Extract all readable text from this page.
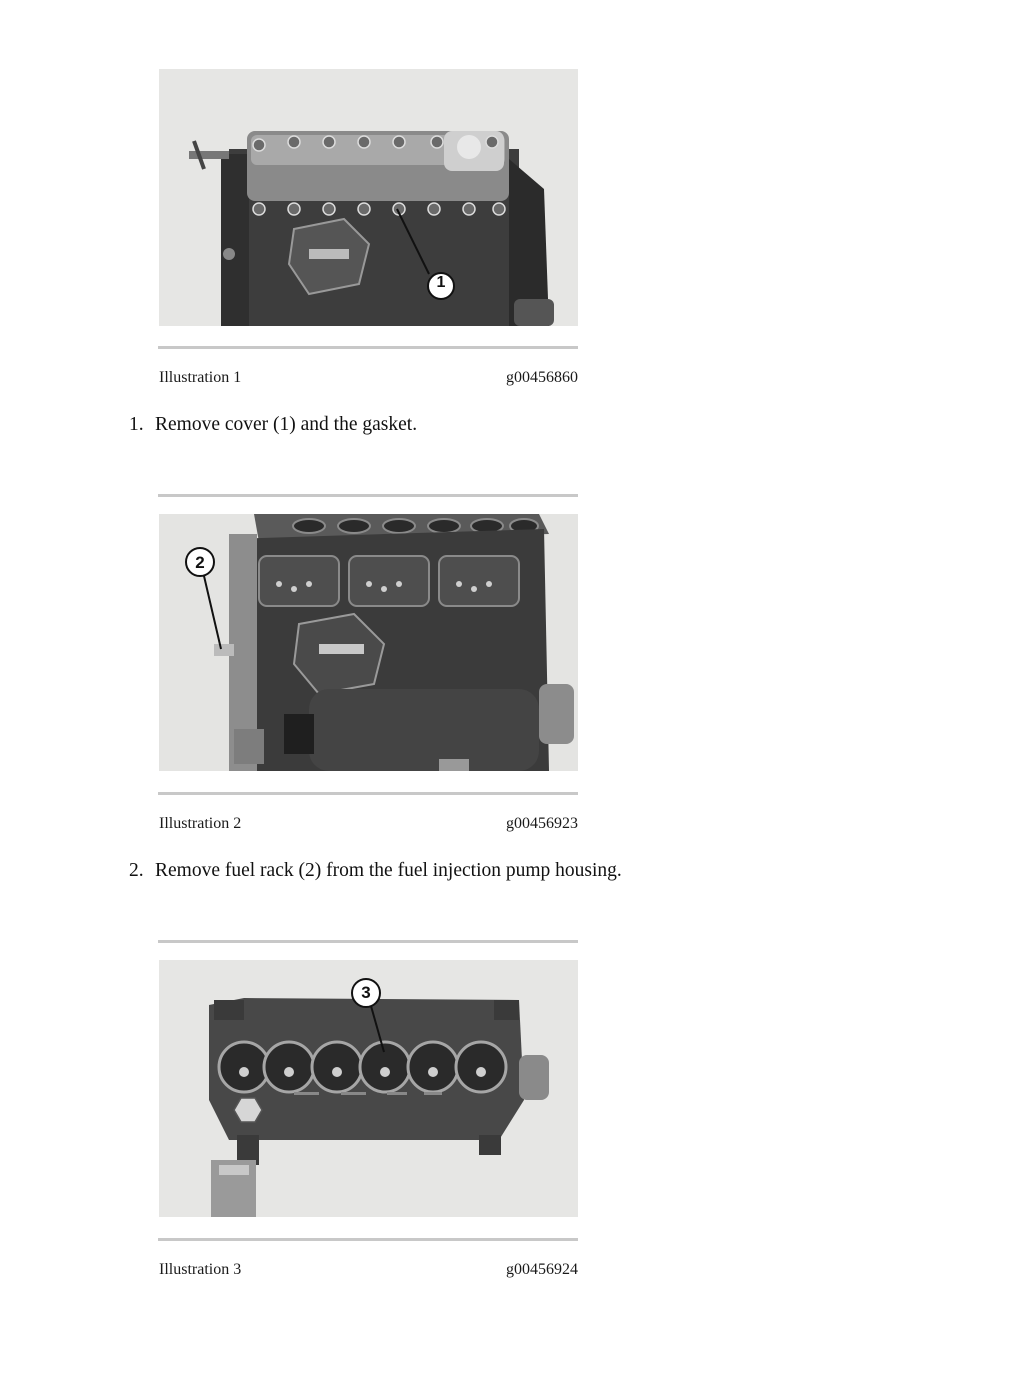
1
Illustration 1	g00456860
1. Remove cover (1) and the gasket.
2
Illustration 2	g00456923
2. Remove fuel rack (2) from the fuel injection pump housing.
3
Illustration 3	g00456924
